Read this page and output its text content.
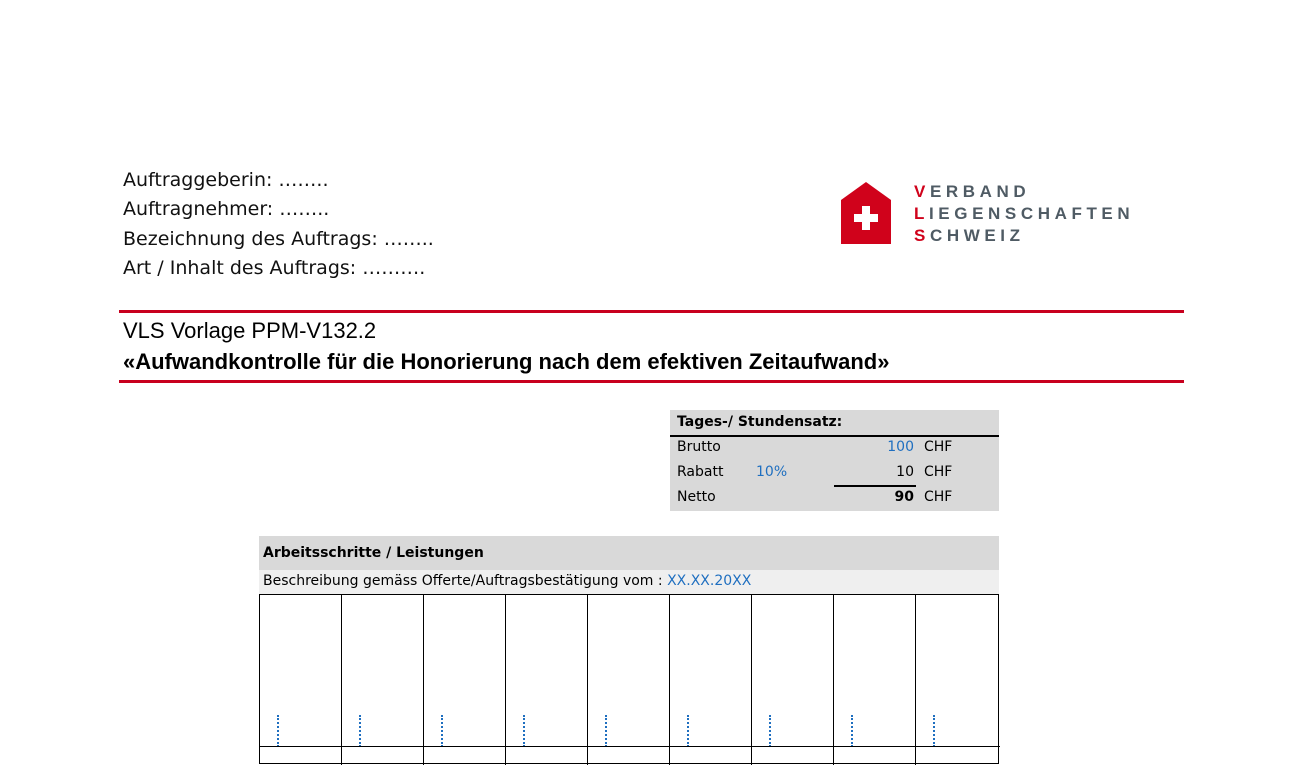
Auftraggeberin: ……..
Auftragnehmer: ……..
Bezeichnung des Auftrags: ……..
Art / Inhalt des Auftrags: ……….
VERBAND
LIEGENSCHAFTEN
SCHWEIZ
VLS Vorlage PPM-V132.2
«Aufwandkontrolle für die Honorierung nach dem efektiven Zeitaufwand»
Tages-/ Stundensatz:
Brutto	100 CHF
Rabatt 10%	10 CHF
Netto	90 CHF
Arbeitsschritte / Leistungen
Beschreibung gemäss Offerte/Auftragsbestätigung vom : XX.XX.20XX
